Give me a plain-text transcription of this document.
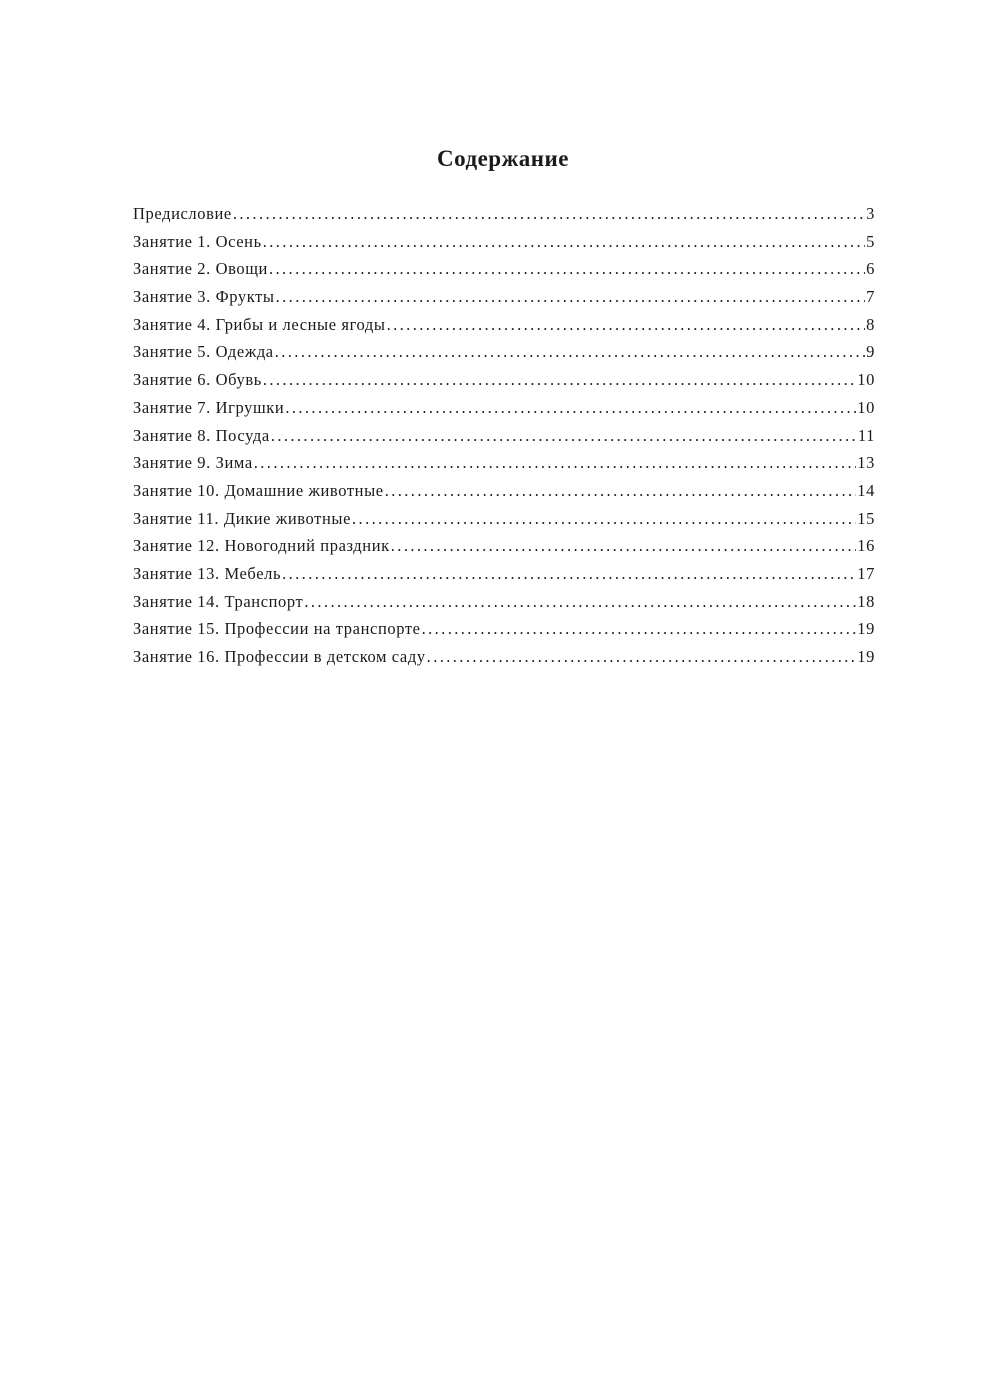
Содержание
Предисловие .....	3
Занятие 1. Осень .....	5
Занятие 2. Овощи .....	6
Занятие 3. Фрукты .....	7
Занятие 4. Грибы и лесные ягоды .....	8
Занятие 5. Одежда .....	9
Занятие 6. Обувь .....	10
Занятие 7. Игрушки .....	10
Занятие 8. Посуда .....	11
Занятие 9. Зима .....	13
Занятие 10. Домашние животные .....	14
Занятие 11. Дикие животные .....	15
Занятие 12. Новогодний праздник .....	16
Занятие 13. Мебель .....	17
Занятие 14. Транспорт .....	18
Занятие 15. Профессии на транспорте .....	19
Занятие 16. Профессии в детском саду .....	19
